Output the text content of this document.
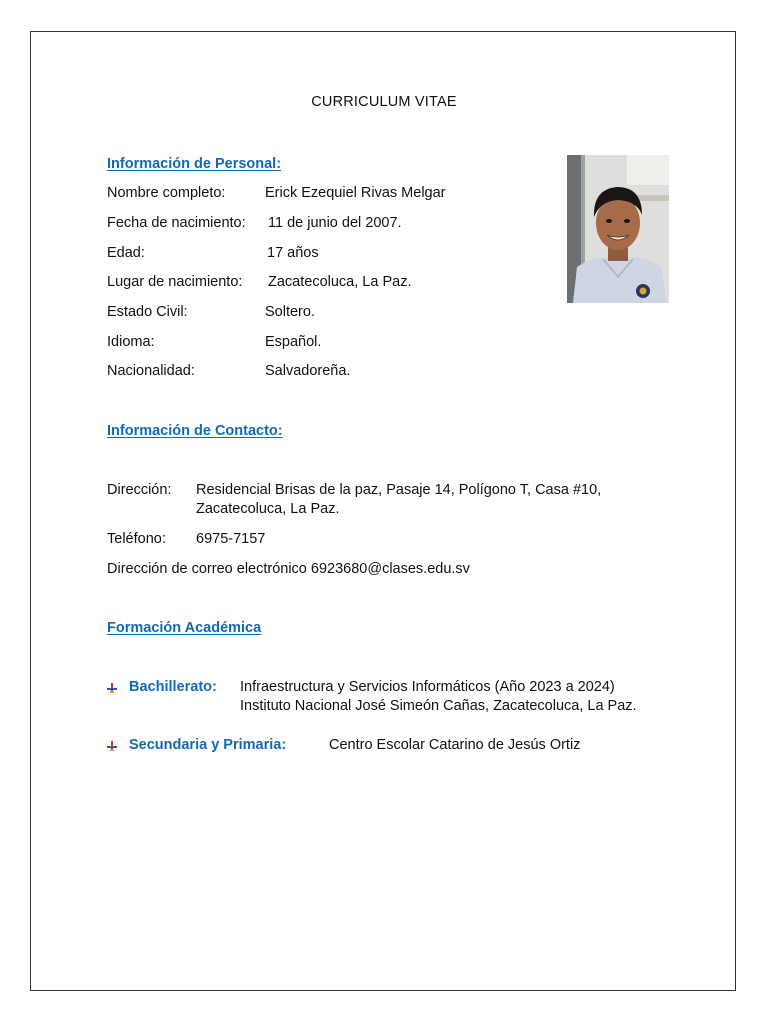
CURRICULUM VITAE
Información de Personal:
Nombre completo:	Erick Ezequiel Rivas Melgar
Fecha de nacimiento: 11 de junio del 2007.
Edad:	17 años
Lugar de nacimiento: Zacatecoluca, La Paz.
Estado Civil:	Soltero.
Idioma:	Español.
Nacionalidad:	Salvadoreña.
Información de Contacto:
Dirección: Residencial Brisas de la paz, Pasaje 14, Polígono T, Casa #10,
Zacatecoluca, La Paz.
Teléfono: 6975-7157
Dirección de correo electrónico 6923680@clases.edu.sv
Formación Académica
Bachillerato: Infraestructura y Servicios Informáticos (Año 2023 a 2024)
Instituto Nacional José Simeón Cañas, Zacatecoluca, La Paz.
Secundaria y Primaria:	Centro Escolar Catarino de Jesús Ortiz
